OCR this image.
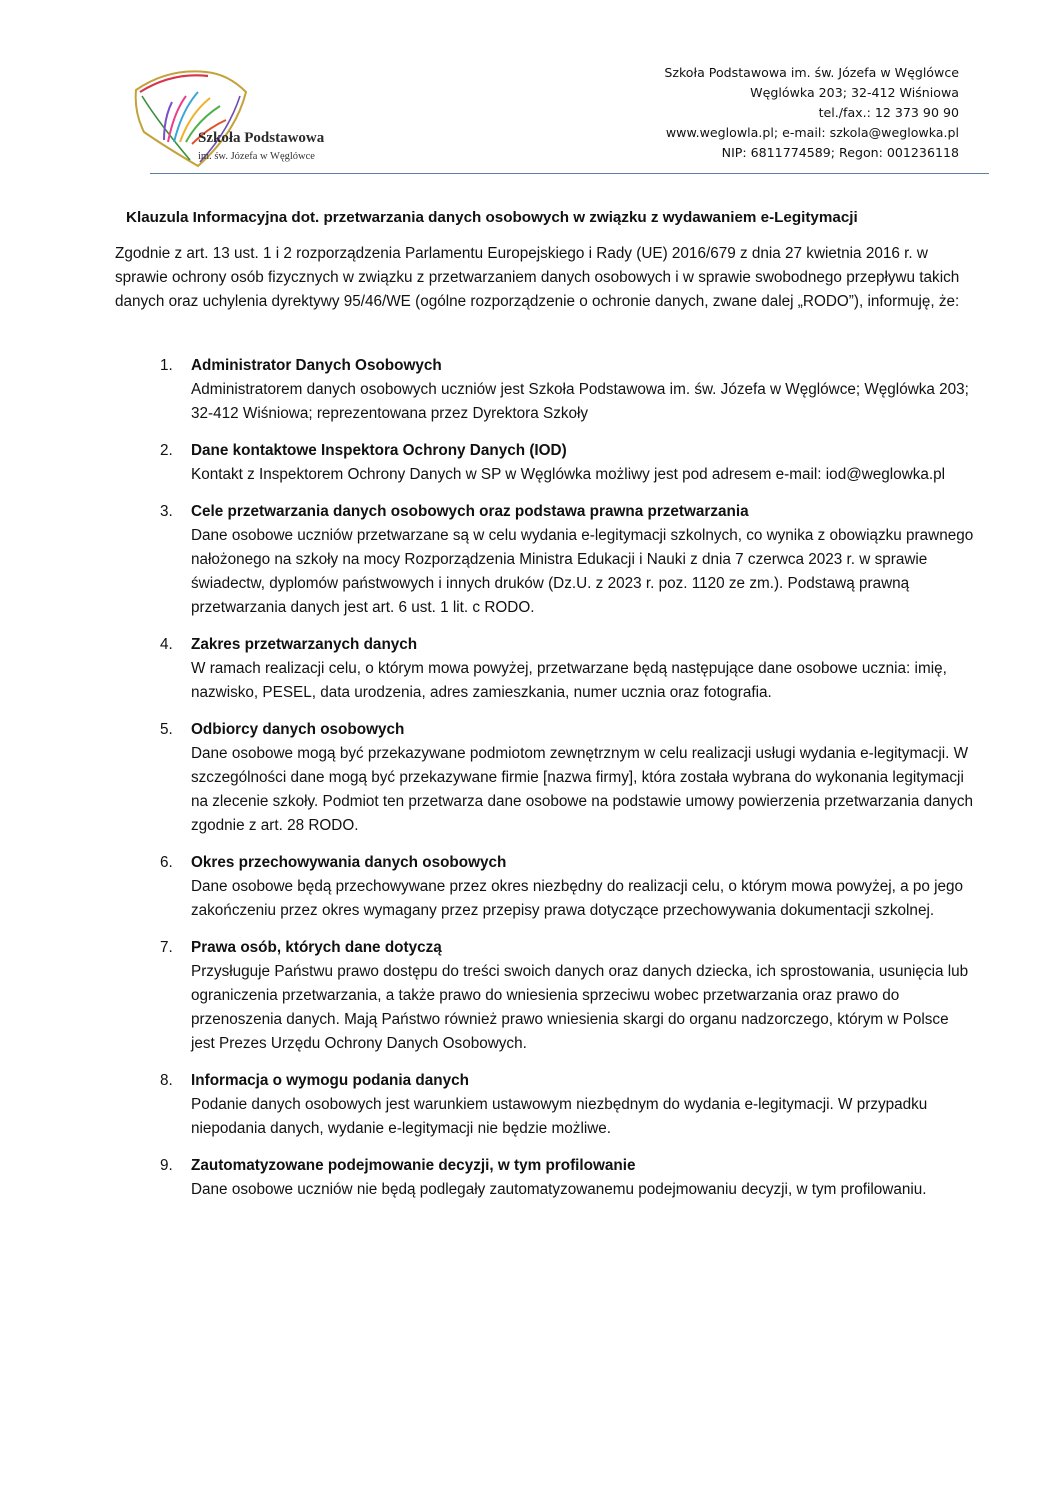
Szkoła Podstawowa
im. św. Józefa w Węglówce
Szkoła Podstawowa im. św. Józefa w Węglówce
Węglówka 203; 32-412 Wiśniowa
tel./fax.: 12 373 90 90
www.weglowla.pl; e-mail: szkola@weglowka.pl
NIP: 6811774589; Regon: 001236118
Klauzula Informacyjna dot. przetwarzania danych osobowych w związku z wydawaniem e-Legitymacji
Zgodnie z art. 13 ust. 1 i 2 rozporządzenia Parlamentu Europejskiego i Rady (UE) 2016/679 z dnia 27 kwietnia 2016 r. w sprawie ochrony osób fizycznych w związku z przetwarzaniem danych osobowych i w sprawie swobodnego przepływu takich danych oraz uchylenia dyrektywy 95/46/WE (ogólne rozporządzenie o ochronie danych, zwane dalej „RODO”), informuję, że:
1. Administrator Danych Osobowych
Administratorem danych osobowych uczniów jest Szkoła Podstawowa im. św. Józefa w Węglówce; Węglówka 203; 32-412 Wiśniowa; reprezentowana przez Dyrektora Szkoły
2. Dane kontaktowe Inspektora Ochrony Danych (IOD)
Kontakt z Inspektorem Ochrony Danych w SP w Węglówka możliwy jest pod adresem e-mail: iod@weglowka.pl
3. Cele przetwarzania danych osobowych oraz podstawa prawna przetwarzania
Dane osobowe uczniów przetwarzane są w celu wydania e-legitymacji szkolnych, co wynika z obowiązku prawnego nałożonego na szkoły na mocy Rozporządzenia Ministra Edukacji i Nauki z dnia 7 czerwca 2023 r. w sprawie świadectw, dyplomów państwowych i innych druków (Dz.U. z 2023 r. poz. 1120 ze zm.). Podstawą prawną przetwarzania danych jest art. 6 ust. 1 lit. c RODO.
4. Zakres przetwarzanych danych
W ramach realizacji celu, o którym mowa powyżej, przetwarzane będą następujące dane osobowe ucznia: imię, nazwisko, PESEL, data urodzenia, adres zamieszkania, numer ucznia oraz fotografia.
5. Odbiorcy danych osobowych
Dane osobowe mogą być przekazywane podmiotom zewnętrznym w celu realizacji usługi wydania e-legitymacji. W szczególności dane mogą być przekazywane firmie [nazwa firmy], która została wybrana do wykonania legitymacji na zlecenie szkoły. Podmiot ten przetwarza dane osobowe na podstawie umowy powierzenia przetwarzania danych zgodnie z art. 28 RODO.
6. Okres przechowywania danych osobowych
Dane osobowe będą przechowywane przez okres niezbędny do realizacji celu, o którym mowa powyżej, a po jego zakończeniu przez okres wymagany przez przepisy prawa dotyczące przechowywania dokumentacji szkolnej.
7. Prawa osób, których dane dotyczą
Przysługuje Państwu prawo dostępu do treści swoich danych oraz danych dziecka, ich sprostowania, usunięcia lub ograniczenia przetwarzania, a także prawo do wniesienia sprzeciwu wobec przetwarzania oraz prawo do przenoszenia danych. Mają Państwo również prawo wniesienia skargi do organu nadzorczego, którym w Polsce jest Prezes Urzędu Ochrony Danych Osobowych.
8. Informacja o wymogu podania danych
Podanie danych osobowych jest warunkiem ustawowym niezbędnym do wydania e-legitymacji. W przypadku niepodania danych, wydanie e-legitymacji nie będzie możliwe.
9. Zautomatyzowane podejmowanie decyzji, w tym profilowanie
Dane osobowe uczniów nie będą podlegały zautomatyzowanemu podejmowaniu decyzji, w tym profilowaniu.
